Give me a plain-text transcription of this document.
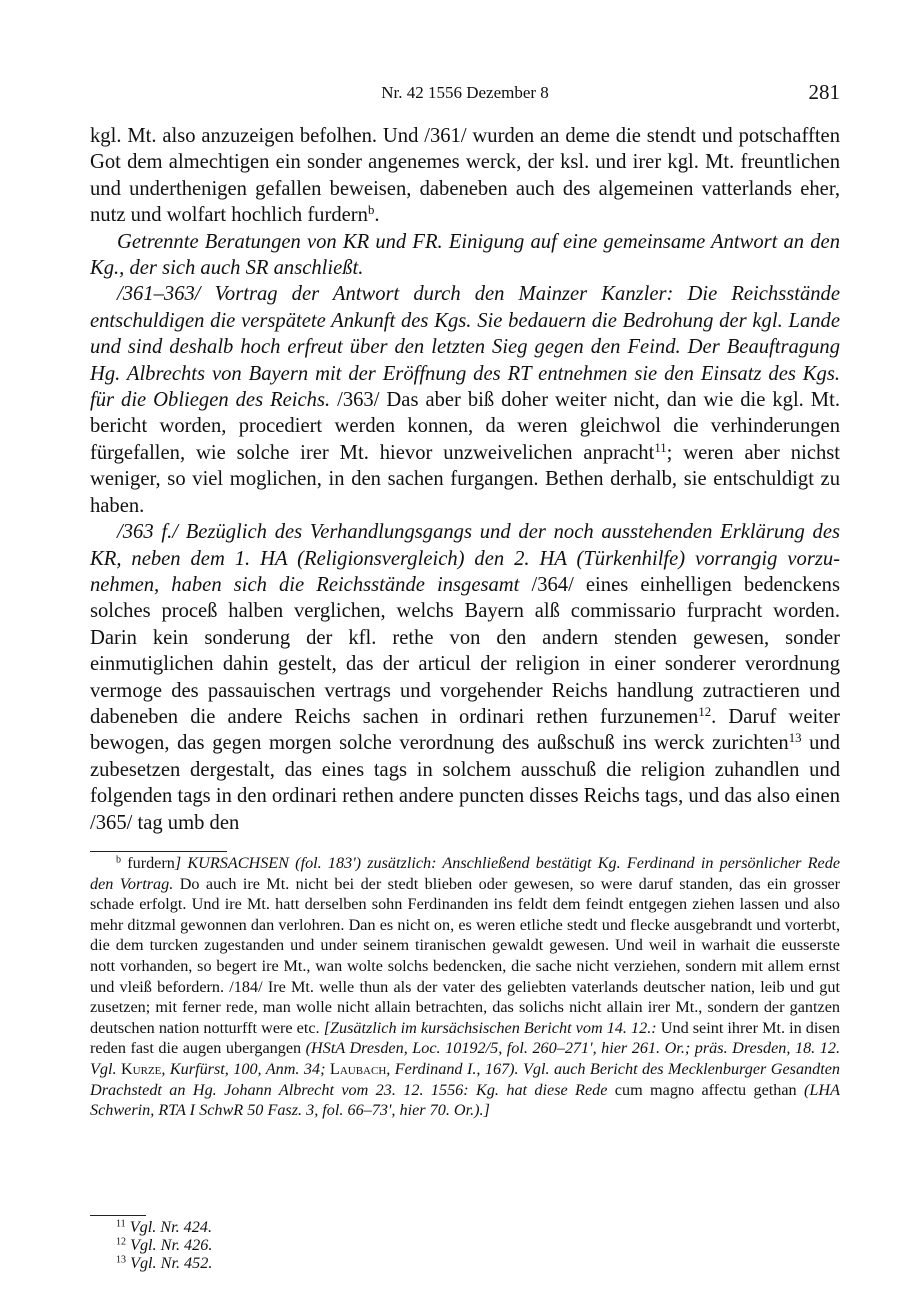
Nr. 42 1556 Dezember 8	281

kgl. Mt. also anzuzeigen befolhen. Und /361/ wurden an deme die stendt und potschafften Got dem almechtigen ein sonder angenemes werck, der ksl. und irer kgl. Mt. freuntlichen und underthenigen gefallen beweisen, dabeneben auch des algemeinen vatterlands eher, nutz und wolfart hochlich furdern$^b$.

Getrennte Beratungen von KR und FR. Einigung auf eine gemeinsame Antwort an den Kg., der sich auch SR anschließt.

/361–363/ Vortrag der Antwort durch den Mainzer Kanzler: Die Reichsstände entschuldigen die verspätete Ankunft des Kgs. Sie bedauern die Bedrohung der kgl. Lande und sind deshalb hoch erfreut über den letzten Sieg gegen den Feind. Der Beauftragung Hg. Albrechts von Bayern mit der Eröffnung des RT entnehmen sie den Einsatz des Kgs. für die Obliegen des Reichs. /363/ Das aber biß doher weiter nicht, dan wie die kgl. Mt. bericht worden, procediert werden konnen, da weren gleichwol die verhinderungen fürgefallen, wie solche irer Mt. hievor unzweivelichen anpracht$^{11}$; weren aber nichst weniger, so viel moglichen, in den sachen furgangen. Bethen derhalb, sie entschuldigt zu haben.

/363 f./ Bezüglich des Verhandlungsgangs und der noch ausstehenden Erklärung des KR, neben dem 1. HA (Religionsvergleich) den 2. HA (Türkenhilfe) vorrangig vorzunehmen, haben sich die Reichsstände insgesamt /364/ eines einhelligen bedenckens solches proceß halben verglichen, welchs Bayern alß commissario furpracht worden. Darin kein sonderung der kfl. rethe von den andern stenden gewesen, sonder einmutiglichen dahin gestelt, das der articul der religion in einer sonderer verordnung vermoge des passauischen vertrags und vorgehender Reichs handlung zutractieren und dabeneben die andere Reichs sachen in ordinari rethen furzunemen$^{12}$. Daruf weiter bewogen, das gegen morgen solche verordnung des außschuß ins werck zurichten$^{13}$ und zubesetzen dergestalt, das eines tags in solchem ausschuß die religion zuhandlen und folgenden tags in den ordinari rethen andere puncten disses Reichs tags, und das also einen /365/ tag umb den

$^b$ furdern] KURSACHSEN (fol. 183') zusätzlich: Anschließend bestätigt Kg. Ferdinand in persönlicher Rede den Vortrag. Do auch ire Mt. nicht bei der stedt blieben oder gewesen, so were daruf standen, das ein grosser schade erfolgt. Und ire Mt. hatt derselben sohn Ferdinanden ins feldt dem feindt entgegen ziehen lassen und also mehr ditzmal gewonnen dan verlohren. Dan es nicht on, es weren etliche stedt und flecke ausgebrandt und vorterbt, die dem turcken zugestanden und under seinem tiranischen gewaldt gewesen. Und weil in warhait die eusserste nott vorhanden, so begert ire Mt., wan wolte solchs bedencken, die sache nicht verziehen, sondern mit allem ernst und vleiß befordern. /184/ Ire Mt. welle thun als der vater des geliebten vaterlands deutscher nation, leib und gut zusetzen; mit ferner rede, man wolle nicht allain betrachten, das solichs nicht allain irer Mt., sondern der gantzen deutschen nation notturfft were etc. [Zusätzlich im kursächsischen Bericht vom 14. 12.: Und seint ihrer Mt. in disen reden fast die augen ubergangen (HStA Dresden, Loc. 10192/5, fol. 260–271', hier 261. Or.; präs. Dresden, 18. 12. Vgl. Kurze, Kurfürst, 100, Anm. 34; Laubach, Ferdinand I., 167). Vgl. auch Bericht des Mecklenburger Gesandten Drachstedt an Hg. Johann Albrecht vom 23. 12. 1556: Kg. hat diese Rede cum magno affectu gethan (LHA Schwerin, RTA I SchwR 50 Fasz. 3, fol. 66–73', hier 70. Or.).]

$^{11}$ Vgl. Nr. 424.

$^{12}$ Vgl. Nr. 426.

$^{13}$ Vgl. Nr. 452.
